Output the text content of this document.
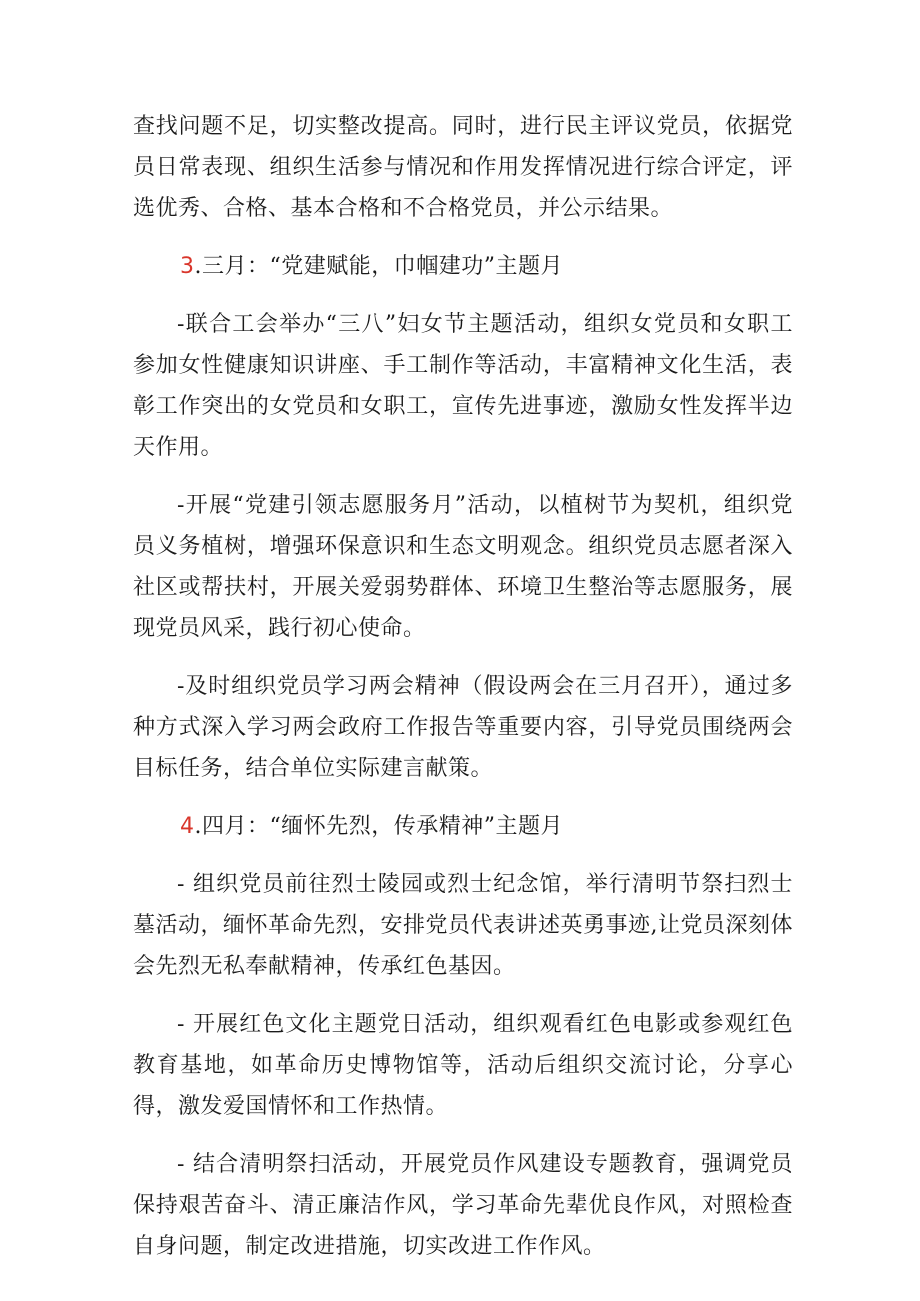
查找问题不足，切实整改提高。同时，进行民主评议党员，依据党员日常表现、组织生活参与情况和作用发挥情况进行综合评定，评选优秀、合格、基本合格和不合格党员，并公示结果。

3.三月：“党建赋能，巾帼建功”主题月

-联合工会举办“三八”妇女节主题活动，组织女党员和女职工参加女性健康知识讲座、手工制作等活动，丰富精神文化生活，表彰工作突出的女党员和女职工，宣传先进事迹，激励女性发挥半边天作用。

-开展“党建引领志愿服务月”活动，以植树节为契机，组织党员义务植树，增强环保意识和生态文明观念。组织党员志愿者深入社区或帮扶村，开展关爱弱势群体、环境卫生整治等志愿服务，展现党员风采，践行初心使命。

-及时组织党员学习两会精神（假设两会在三月召开），通过多种方式深入学习两会政府工作报告等重要内容，引导党员围绕两会目标任务，结合单位实际建言献策。

4.四月：“缅怀先烈，传承精神”主题月

- 组织党员前往烈士陵园或烈士纪念馆，举行清明节祭扫烈士墓活动，缅怀革命先烈，安排党员代表讲述英勇事迹,让党员深刻体会先烈无私奉献精神，传承红色基因。

- 开展红色文化主题党日活动，组织观看红色电影或参观红色教育基地，如革命历史博物馆等，活动后组织交流讨论，分享心得，激发爱国情怀和工作热情。

- 结合清明祭扫活动，开展党员作风建设专题教育，强调党员保持艰苦奋斗、清正廉洁作风，学习革命先辈优良作风，对照检查自身问题，制定改进措施，切实改进工作作风。
